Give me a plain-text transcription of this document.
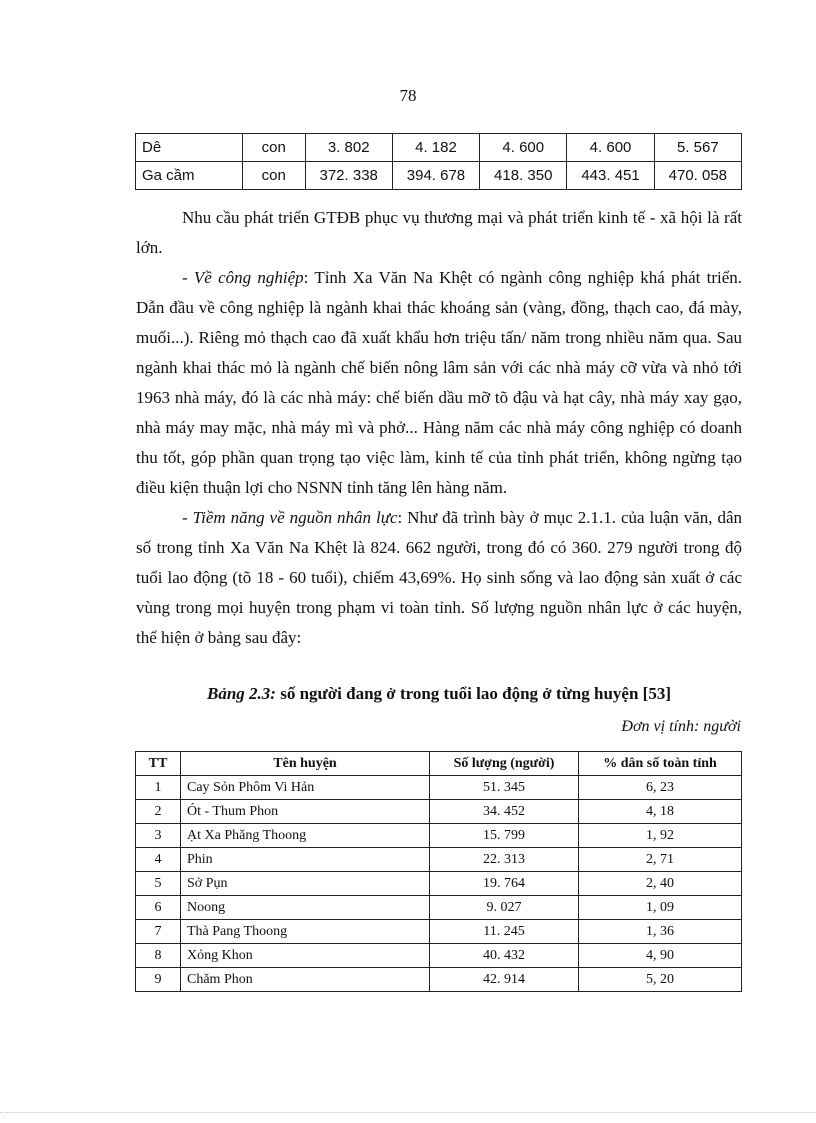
78
Dê	con	3. 802	4. 182	4. 600	4. 600	5. 567
Ga cầm	con	372. 338	394. 678	418. 350	443. 451	470. 058

Nhu cầu phát triển GTĐB phục vụ thương mại và phát triển kinh tế - xã hội là rất lớn.

- Về công nghiệp: Tỉnh Xa Văn Na Khệt có ngành công nghiệp khá phát triển. Dẫn đầu về công nghiệp là ngành khai thác khoáng sản (vàng, đồng, thạch cao, đá mày, muối...). Riêng mỏ thạch cao đã xuất khẩu hơn triệu tấn/ năm trong nhiều năm qua. Sau ngành khai thác mỏ là ngành chế biến nông lâm sản với các nhà máy cỡ vừa và nhỏ tới 1963 nhà máy, đó là các nhà máy: chế biến dầu mỡ tõ đậu và hạt cây, nhà máy xay gạo, nhà máy may mặc, nhà máy mì và phở... Hàng năm các nhà máy công nghiệp có doanh thu tốt, góp phần quan trọng tạo việc làm, kinh tế của tỉnh phát triển, không ngừng tạo điều kiện thuận lợi cho NSNN tỉnh tăng lên hàng năm.

- Tiềm năng về nguồn nhân lực: Như đã trình bày ở mục 2.1.1. của luận văn, dân số trong tỉnh Xa Văn Na Khệt là 824. 662 người, trong đó có 360. 279 người trong độ tuổi lao động (tõ 18 - 60 tuổi), chiếm 43,69%. Họ sinh sống và lao động sản xuất ở các vùng trong mọi huyện trong phạm vi toàn tỉnh. Số lượng nguồn nhân lực ở các huyện, thể hiện ở bảng sau đây:

Bảng 2.3: số người đang ở trong tuổi lao động ở từng huyện [53]
Đơn vị tính: người
TT	Tên huyện	Số lượng (người)	% dân số toàn tỉnh
1	Cay Sỏn Phôm Vi Hản	51. 345	6, 23
2	Ót - Thum Phon	34. 452	4, 18
3	Ạt Xa Phăng Thoong	15. 799	1, 92
4	Phin	22. 313	2, 71
5	Sở Pụn	19. 764	2, 40
6	Noong	9. 027	1, 09
7	Thà Pang Thoong	11. 245	1, 36
8	Xỏng Khon	40. 432	4, 90
9	Chăm Phon	42. 914	5, 20
